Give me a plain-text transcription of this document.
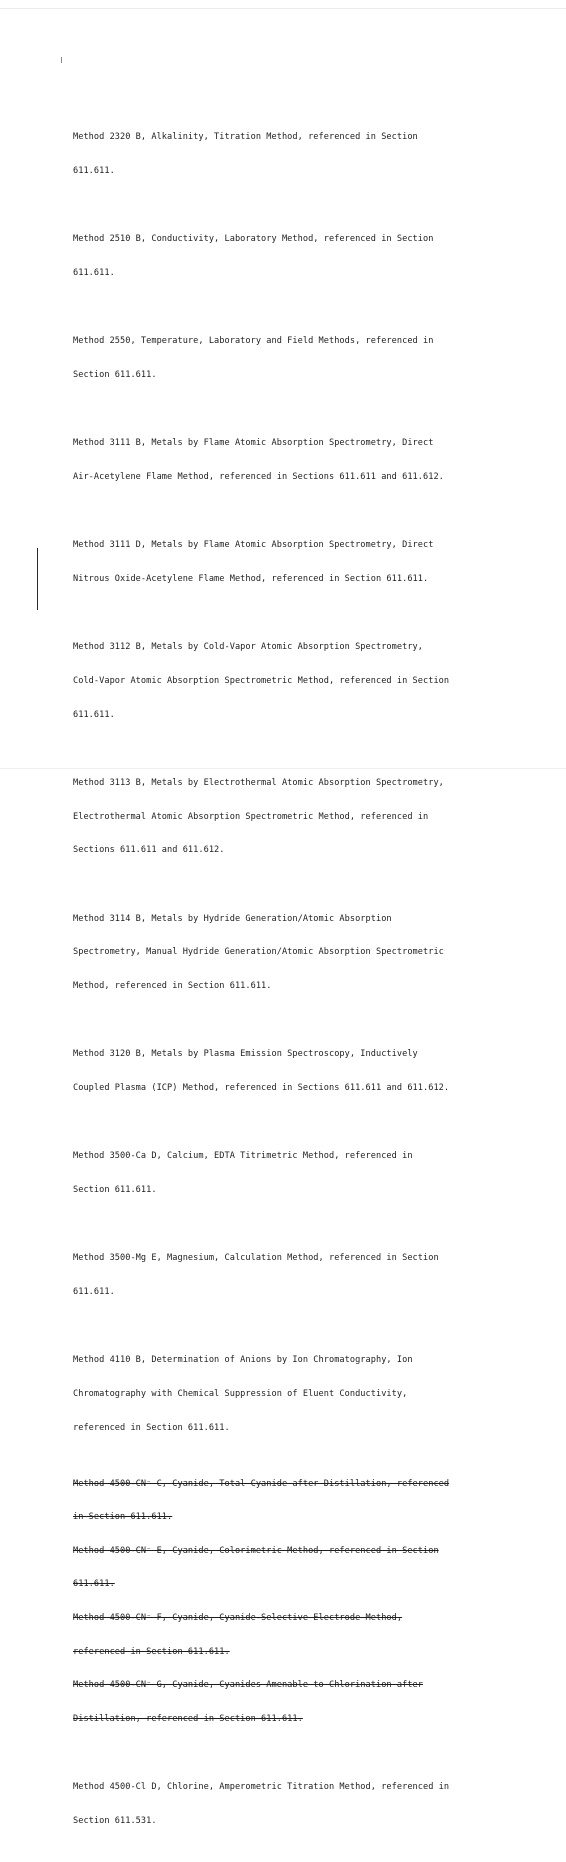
Method 2320 B, Alkalinity, Titration Method, referenced in Section

611.611.

Method 2510 B, Conductivity, Laboratory Method, referenced in Section

611.611.

Method 2550, Temperature, Laboratory and Field Methods, referenced in

Section 611.611.

Method 3111 B, Metals by Flame Atomic Absorption Spectrometry, Direct

Air-Acetylene Flame Method, referenced in Sections 611.611 and 611.612.

Method 3111 D, Metals by Flame Atomic Absorption Spectrometry, Direct

Nitrous Oxide-Acetylene Flame Method, referenced in Section 611.611.

Method 3112 B, Metals by Cold-Vapor Atomic Absorption Spectrometry,

Cold-Vapor Atomic Absorption Spectrometric Method, referenced in Section

611.611.

Method 3113 B, Metals by Electrothermal Atomic Absorption Spectrometry,

Electrothermal Atomic Absorption Spectrometric Method, referenced in

Sections 611.611 and 611.612.

Method 3114 B, Metals by Hydride Generation/Atomic Absorption

Spectrometry, Manual Hydride Generation/Atomic Absorption Spectrometric

Method, referenced in Section 611.611.

Method 3120 B, Metals by Plasma Emission Spectroscopy, Inductively

Coupled Plasma (ICP) Method, referenced in Sections 611.611 and 611.612.

Method 3500-Ca D, Calcium, EDTA Titrimetric Method, referenced in

Section 611.611.

Method 3500-Mg E, Magnesium, Calculation Method, referenced in Section

611.611.

Method 4110 B, Determination of Anions by Ion Chromatography, Ion

Chromatography with Chemical Suppression of Eluent Conductivity,

referenced in Section 611.611.

Method 4500-CN⁻ C, Cyanide, Total Cyanide after Distillation, referenced

in Section 611.611.

Method 4500-CN⁻ E, Cyanide, Colorimetric Method, referenced in Section

611.611.

Method 4500-CN⁻ F, Cyanide, Cyanide-Selective Electrode Method,

referenced in Section 611.611.

Method 4500-CN⁻ G, Cyanide, Cyanides Amenable to Chlorination after

Distillation, referenced in Section 611.611.

Method 4500-Cl D, Chlorine, Amperometric Titration Method, referenced in

Section 611.531.
